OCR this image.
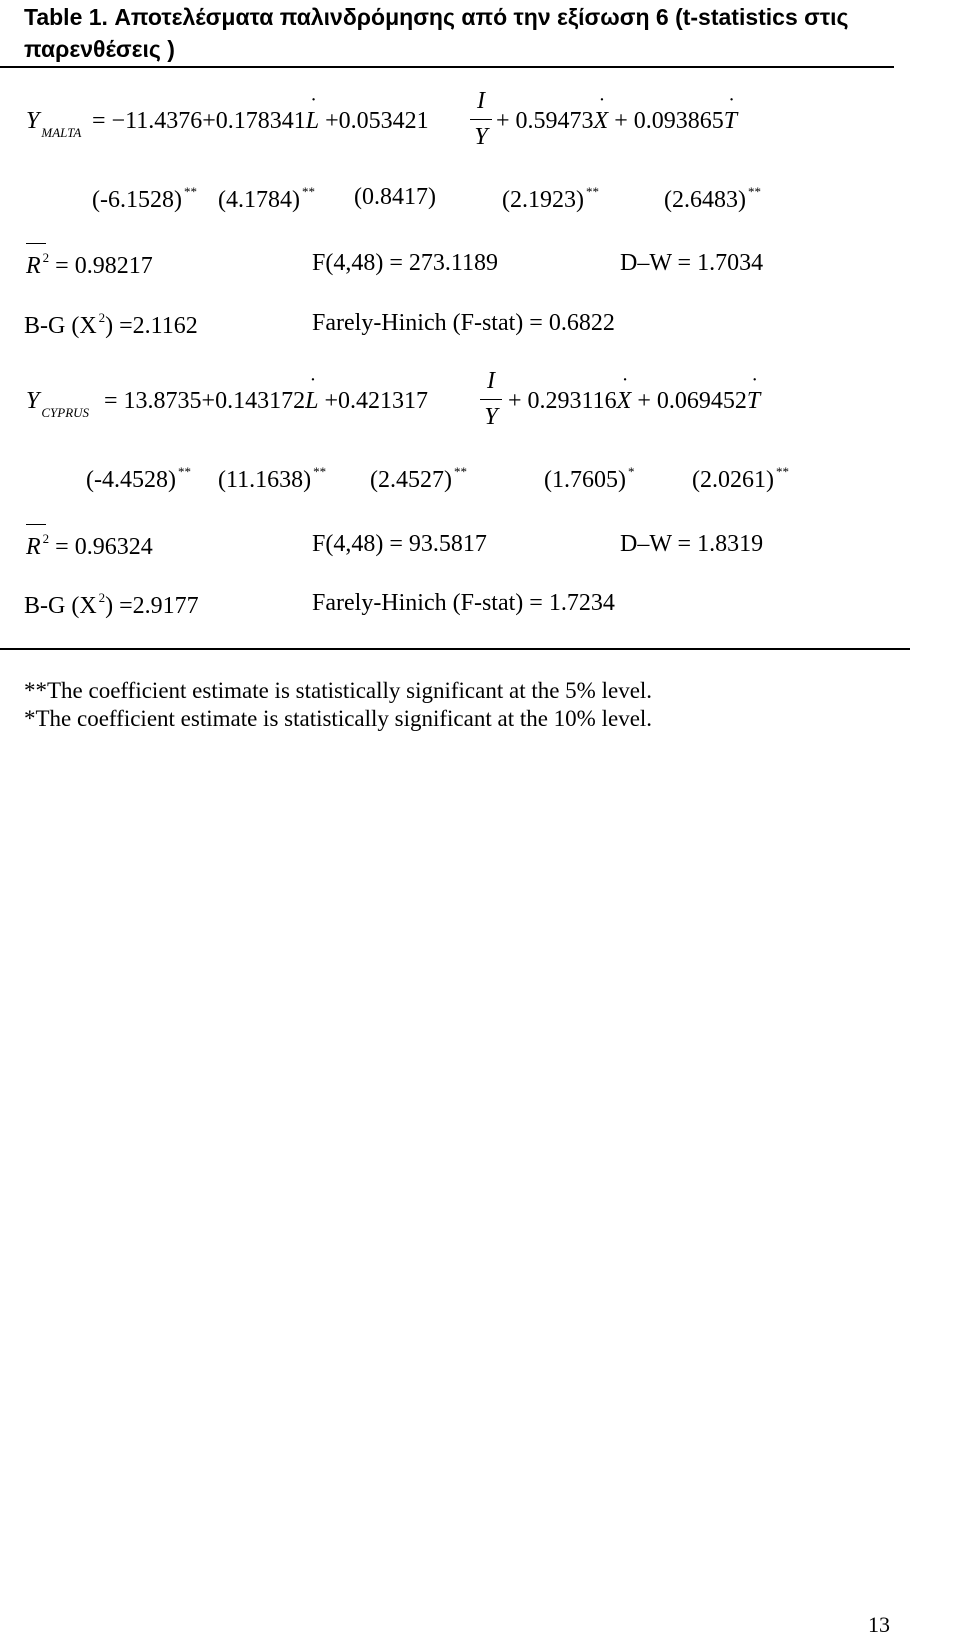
Table 1. Αποτελέσματα παλινδρόμησης από την εξίσωση 6 (t-statistics στις
παρενθέσεις )
Y $_{MALTA}$ = −11.4376+0.178341˙ L +0.053421
I
Y
+ 0.59473˙ X + 0.093865˙ T
(-6.1528) ** (4.1784) ** (0.8417)	(2.1923) **	(2.6483) **
R $^2$ = 0.98217	F(4,48) = 273.1189	D–W = 1.7034
B-G (X $^2$) =2.1162	Farely-Hinich (F-stat) = 0.6822
Y $_{CYPRUS}$ = 13.8735+0.143172˙ L +0.421317
I
Y
+ 0.293116˙ X + 0.069452˙ T
(-4.4528) ** (11.1638) ** (2.4527) **	(1.7605) * (2.0261) **
R $^2$ = 0.96324	F(4,48) = 93.5817	D–W = 1.8319
B-G (X $^2$) =2.9177	Farely-Hinich (F-stat) = 1.7234
**The coefficient estimate is statistically significant at the 5% level.
*The coefficient estimate is statistically significant at the 10% level.
13
